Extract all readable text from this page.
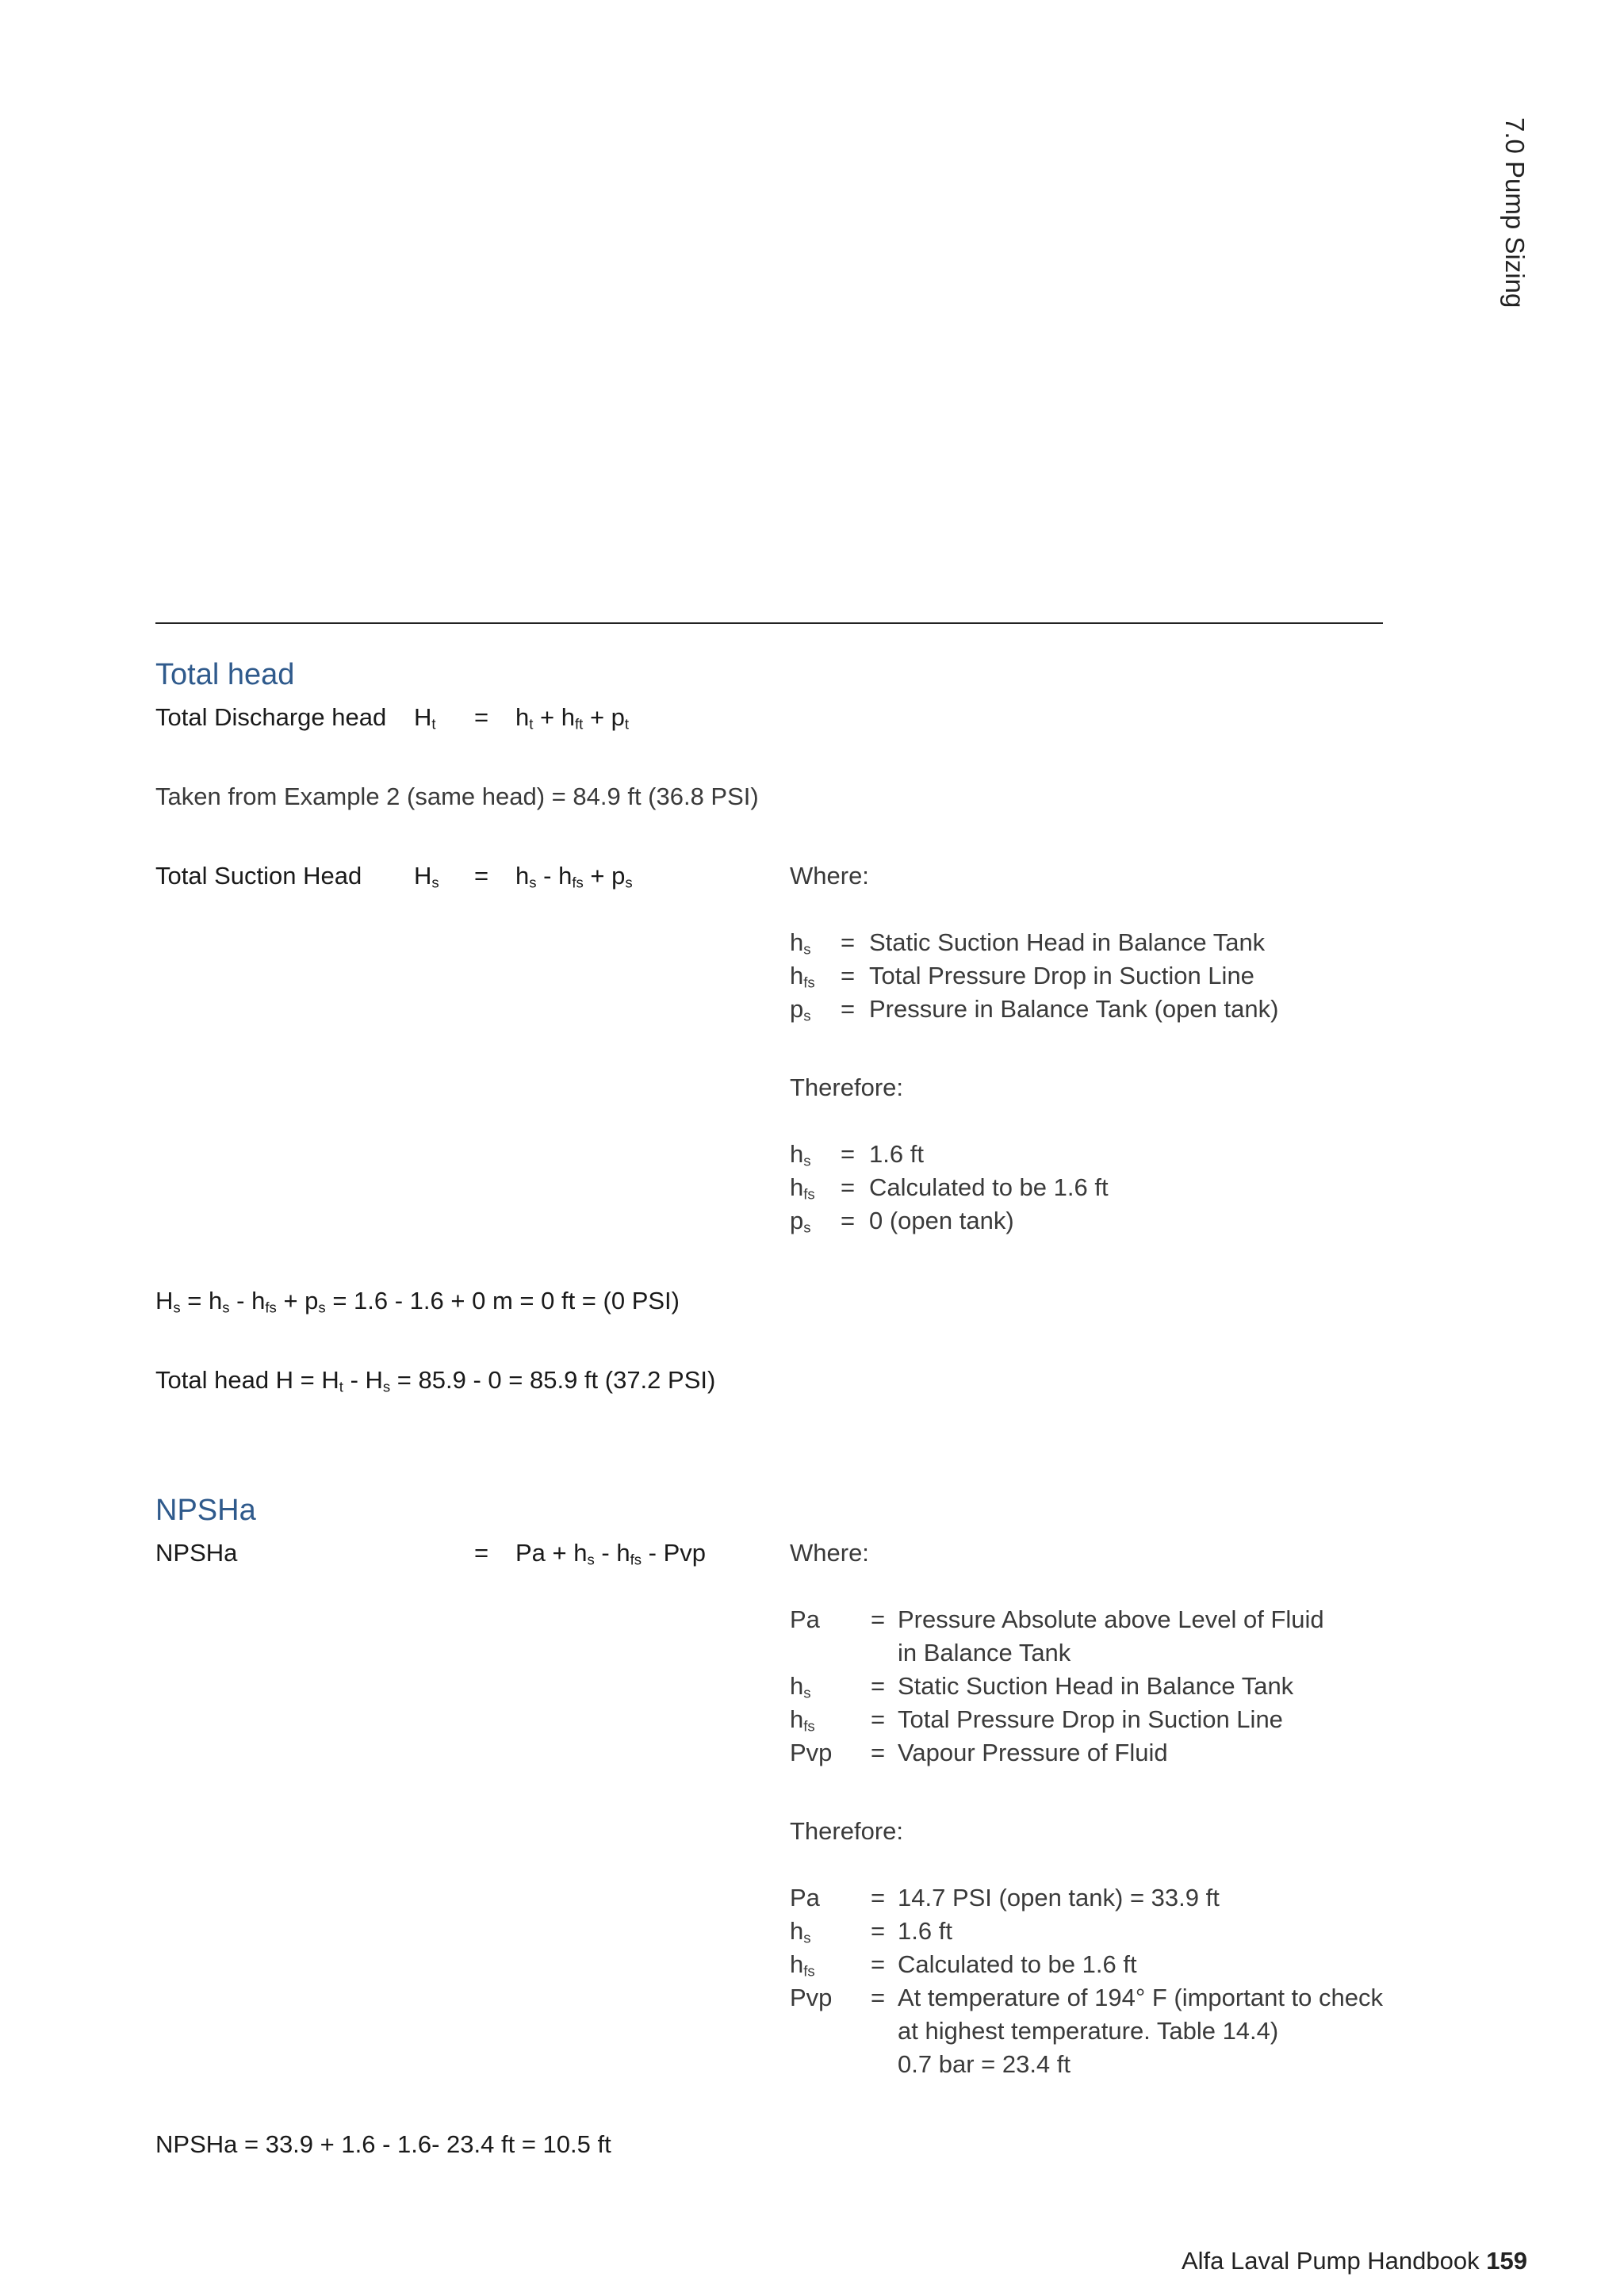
7.0 Pump Sizing
Total head
Total Discharge head $H_t = h_t + h_{ft} + p_t$
Taken from Example 2 (same head) = 84.9 ft (36.8 PSI)
Total Suction Head $H_s = h_s - h_{fs} + p_s$	Where:
$h_s$ = Static Suction Head in Balance Tank
$h_{fs}$ = Total Pressure Drop in Suction Line
$p_s$ = Pressure in Balance Tank (open tank)
Therefore:
$h_s = 1.6$ ft
$h_{fs}$ = Calculated to be 1.6 ft
$p_s = 0$ (open tank)
$H_s = h_s - h_{fs} + p_s = 1.6 - 1.6 + 0$ m = 0 ft = (0 PSI)
Total head $H = H_t - H_s = 85.9 - 0 = 85.9$ ft (37.2 PSI)
NPSHa
NPSHa	= $Pa + h_s - h_{fs}$ - Pvp	Where:
Pa = Pressure Absolute above Level of Fluid
in Balance Tank
$h_s$ = Static Suction Head in Balance Tank
$h_{fs}$ = Total Pressure Drop in Suction Line
Pvp = Vapour Pressure of Fluid
Therefore:
Pa = 14.7 PSI (open tank) = 33.9 ft
$h_s = 1.6$ ft
$h_{fs}$ = Calculated to be 1.6 ft
Pvp = At temperature of 194° F (important to check
at highest temperature. Table 14.4)
0.7 bar = 23.4 ft
NPSHa = 33.9 + 1.6 - 1.6- 23.4 ft = 10.5 ft
Alfa Laval Pump Handbook 159
